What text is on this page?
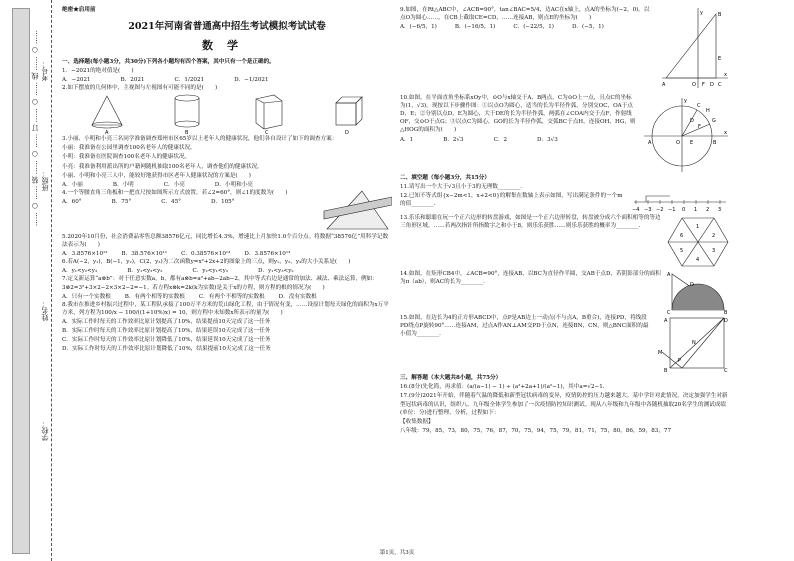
…… ○ …… 装 …… ○ …… 订 …… ○ …… 线 …… ○ …… 考号：
班级：
姓名：
学校：

绝密★启用前

2021年河南省普通高中招生考试模拟考试试卷

数学

一、选择题(每小题3分，共30分)下列各小题均有四个答案，其中只有一个是正确的。

1．−2021的绝对值是(　　)

A．−2021	B．2021	C．1/2021	D．−1/2021

2.如下摆放的几何体中，主视图与左视图有可能不同的是(　　)

A	B	C	D

3.小丽、小明和小亮三名同学准备调查郑州市区65岁以上老年人的健康状况，他们各自设计了如下的调查方案：

小丽：我准备在公园里调查100名老年人的健康状况。

小明：我准备在医院调查100名老年人的健康状况。

小亮：我准备利用派出所的户籍网随机抽取100名老年人，调查他们的健康状况。

小丽、小明和小亮三人中，能较好地获得市区老年人健康状况的方案是(　　)

A．小丽	B．小明	C．小亮	D．小明和小亮

4.一个等腰直角三角板和一把直尺按如图所示方式放置。若∠2=60°，则∠1的度数为(　　)

A．60°	B．75°	C．45°	D．105°

5.2020年10月份，社会消费品零售总额38576亿元，同比增长4.3%，增速比上月加快1.0个百分点。将数据“38576亿”用科学记数法表示为(　　)

A．3.8576×10¹²	B．38.576×10¹¹	C．0.38576×10¹³	D．3.8576×10¹³

6.若A(−2，y₁)，B(−1，y₂)，C(2，y₃)为二次函数y=x²+2x+2的图象上的三点，则y₁，y₂，y₃的大小关系是(　　)

A．y₁<y₂<y₃	B．y₁<y₃<y₂	C．y₂<y₁<y₃	D．y₁<y₃<y₂

7.定义新运算“a⊗b”：对于任意实数a，b，都有a⊗b=a²+ab−2ab−2，其中等式右边是通常的加法、减法、乘法运算，例如：3⊗2=3²+3×2−2×3×2−2=−1。若方程x⊗k=2k(k为实数)是关于x的方程，则方程的根的情况为(　　)

A．只有一个实数根	B．有两个相等的实数根	C．有两个不相等的实数根	D．没有实数根

8.我市在推进乡村振兴过程中，某工程队承接了100万平方米的荒山绿化工程，由于情况有变，……设原计划每天绿化的面积为x万平方米，列方程为100/x − 100/((1+10%)x) = 10，则方程中未知数x所表示的量为(　　)

A．实际工作时每天的工作效率比原计划提高了10%，结果提前10天完成了这一任务

B．实际工作时每天的工作效率比原计划提高了10%，结果延误10天完成了这一任务

C．实际工作时每天的工作效率比原计划降低了10%，结果延误10天完成了这一任务

D．实际工作时每天的工作效率比原计划降低了10%，结果提前10天完成了这一任务

9.如图，在Rt△ABC中，∠ACB=90°，tan∠BAC=5/4，边AC在x轴上，点A的坐标为(−2，0)。以点O为圆心……，在CB上截取CE=CD，……连接AB，则点E的坐标为(　　)

A．(−6/5，1)	B．(−16/5，1)	C．(−22/5，1)	D．(−5，1)
y	B
E
A	O	C
x
F D

10.如图，在平面直角坐标系xOy中，⊙O与x轴交于A，B两点，C为⊙O上一点，且点C的坐标为(1，√3)。现按以下步骤作图：①以点O为圆心，适当的长为半径作弧，分别交OC，OA于点D，E；②分别以点D，E为圆心，大于DE的长为半径作弧，两弧在∠COA内交于点F，作射线OF，交⊙O于点G；③以点C为圆心，GO的长为半径作弧，交弧BC于点H，连接OH，HG，则△HOG的面积为(　　)

A．1	B．2√3	C．2	D．3√3
y
C
H
G
F
D
A	O E	B
x

二、填空题（每小题3分，共15分）

11.请写出一个大于√3且小于3的无理数________.

12.已知不等式组{x−2m<1，x+2<0}的解集在数轴上表示如图，写出满足条件的一个m的值________.

−4 −3 −2 −1 0 1 2 3

13.乐乐和聪聪在玩一个正六边形的转盘游戏，如图是一个正六边形转盘，转盘被分成六个面积相等的等边三角形区域，……若两次指针所指数字之和小于8，则乐乐获胜……则乐乐获胜的概率为________.	1
2
3
4
5
6

14.如图，在矩形CB4中，∠ACB=90°，连接AB，以BC为直径作半圆，交AB于点D，若阴影部分的面积为π（ab），则AC的长为________.

A
D
C	B

15.如图，在边长为4的正方形ABCD中，点P是AB边上一动点(不与点A，B重合)，连接PD，将线段PD绕点P旋转90°……连接AM，过点A作AN⊥AM交PD于点N，连接BN，CN，则△BNC面积的最小值为________.

A
B	C
D
M
P
N

三、解答题（本大题共8小题，共75分）

16.(8分)先化简，再求值：(a/(a−1) − 1) ÷ (a²+2a+1)/(a²−1)，其中a=√2−1.

17.(9分)2021年开始，伴随着气温的降低和新型冠状病毒的变异，疫情防控的压力越来越大。某中学针对此情况，决定加强学生对新型冠状病毒的认识，组织八、九年级全体学生参加了一次疫情防控知识测试。现从八年级和九年级中各随机抽取20名学生的测试成绩(单位：分)进行整理、分析，过程如下：

【收集数据】

八年级：79，85，73，80，75，76，87，70，75，94，75，79，81，71，75，80，86，59，83，77

第1页，共3页
